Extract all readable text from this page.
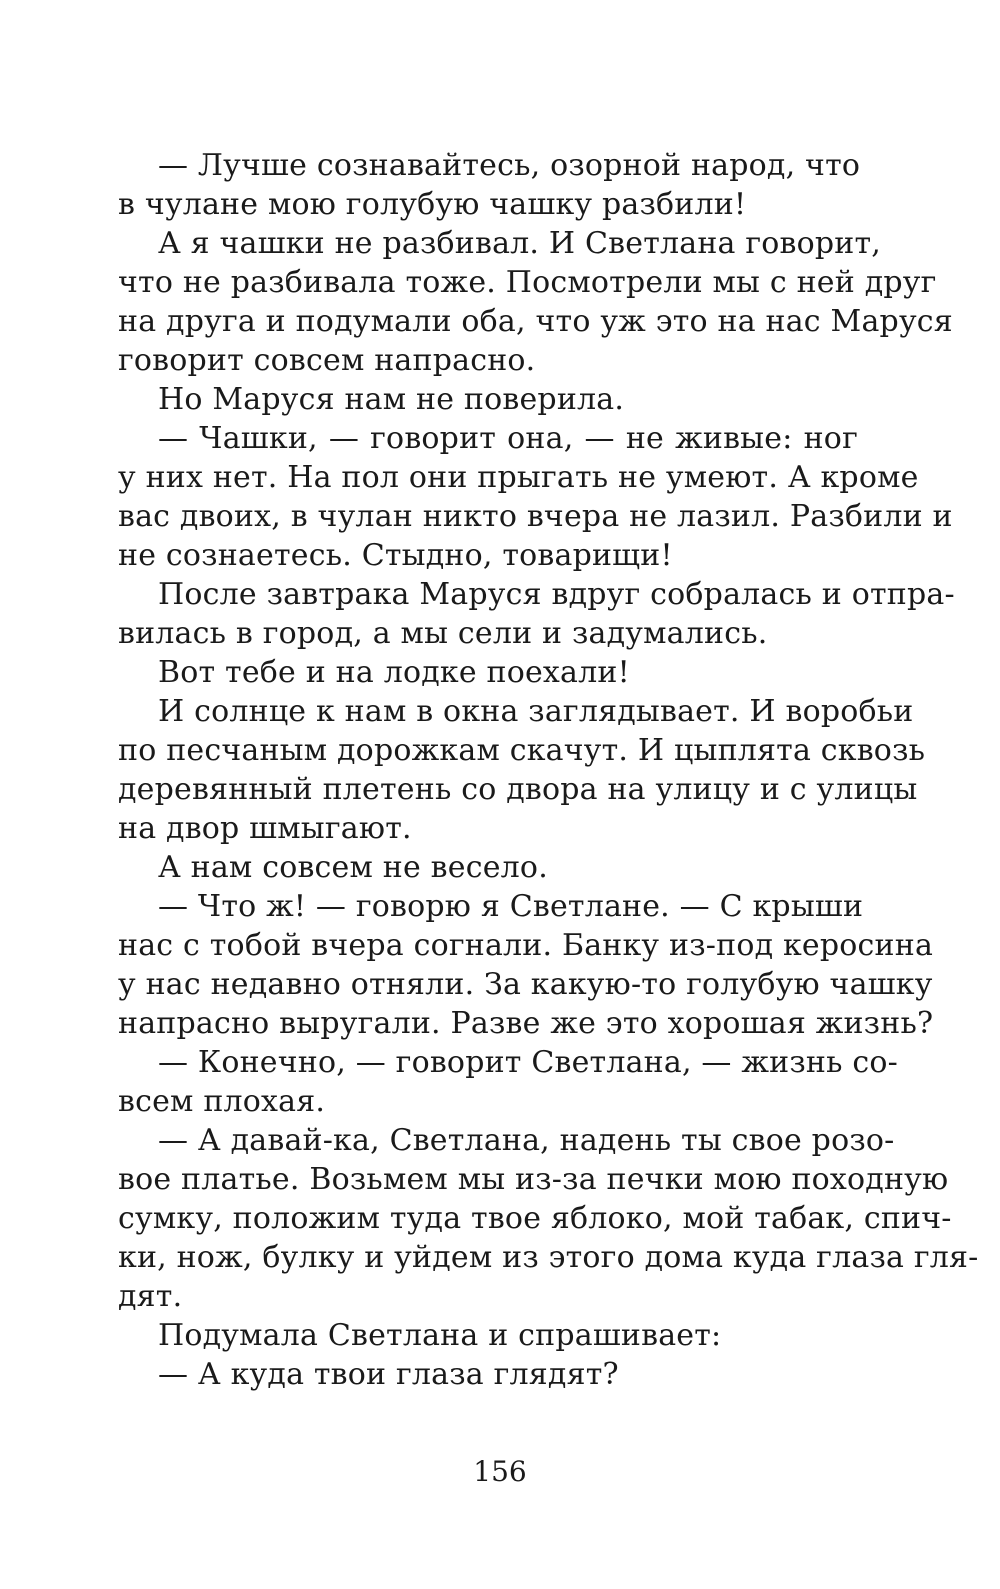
— Лучше сознавайтесь, озорной народ, что
в чулане мою голубую чашку разбили!
А я чашки не разбивал. И Светлана говорит,
что не разбивала тоже. Посмотрели мы с ней друг
на друга и подумали оба, что уж это на нас Маруся
говорит совсем напрасно.
Но Маруся нам не поверила.
— Чашки, — говорит она, — не живые: ног
у них нет. На пол они прыгать не умеют. А кроме
вас двоих, в чулан никто вчера не лазил. Разбили и
не сознаетесь. Стыдно, товарищи!
После завтрака Маруся вдруг собралась и отпра-
вилась в город, а мы сели и задумались.
Вот тебе и на лодке поехали!
И солнце к нам в окна заглядывает. И воробьи
по песчаным дорожкам скачут. И цыплята сквозь
деревянный плетень со двора на улицу и с улицы
на двор шмыгают.
А нам совсем не весело.
— Что ж! — говорю я Светлане. — С крыши
нас с тобой вчера согнали. Банку из-под керосина
у нас недавно отняли. За какую-то голубую чашку
напрасно выругали. Разве же это хорошая жизнь?
— Конечно, — говорит Светлана, — жизнь со-
всем плохая.
— А давай-ка, Светлана, надень ты свое розо-
вое платье. Возьмем мы из-за печки мою походную
сумку, положим туда твое яблоко, мой табак, спич-
ки, нож, булку и уйдем из этого дома куда глаза гля-
дят.
Подумала Светлана и спрашивает:
— А куда твои глаза глядят?
156
